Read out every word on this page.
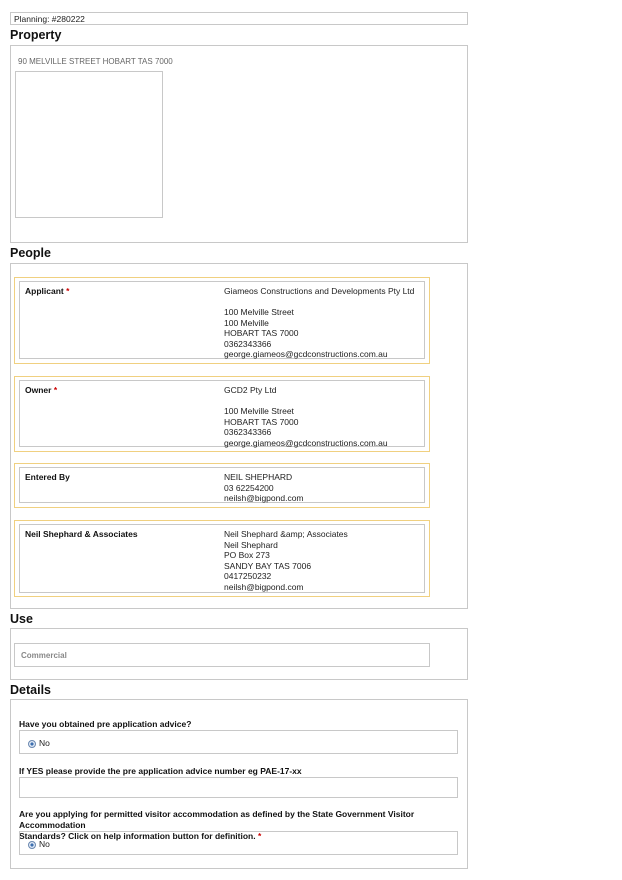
Planning: #280222
Property
90 MELVILLE STREET HOBART TAS 7000
People
Applicant *	Giameos Constructions and Developments Pty Ltd
100 Melville Street
100 Melville
HOBART TAS 7000
0362343366
george.giameos@gcdconstructions.com.au
Owner *	GCD2 Pty Ltd
100 Melville Street
HOBART TAS 7000
0362343366
george.giameos@gcdconstructions.com.au
Entered By	NEIL SHEPHARD
03 62254200
neilsh@bigpond.com
Neil Shephard & Associates	Neil Shephard &amp; Associates
Neil Shephard
PO Box 273
SANDY BAY TAS 7006
0417250232
neilsh@bigpond.com
Use
Commercial
Details
Have you obtained pre application advice?
No
If YES please provide the pre application advice number eg PAE-17-xx
Are you applying for permitted visitor accommodation as defined by the State Government Visitor Accommodation
Standards? Click on help information button for definition. *
No
